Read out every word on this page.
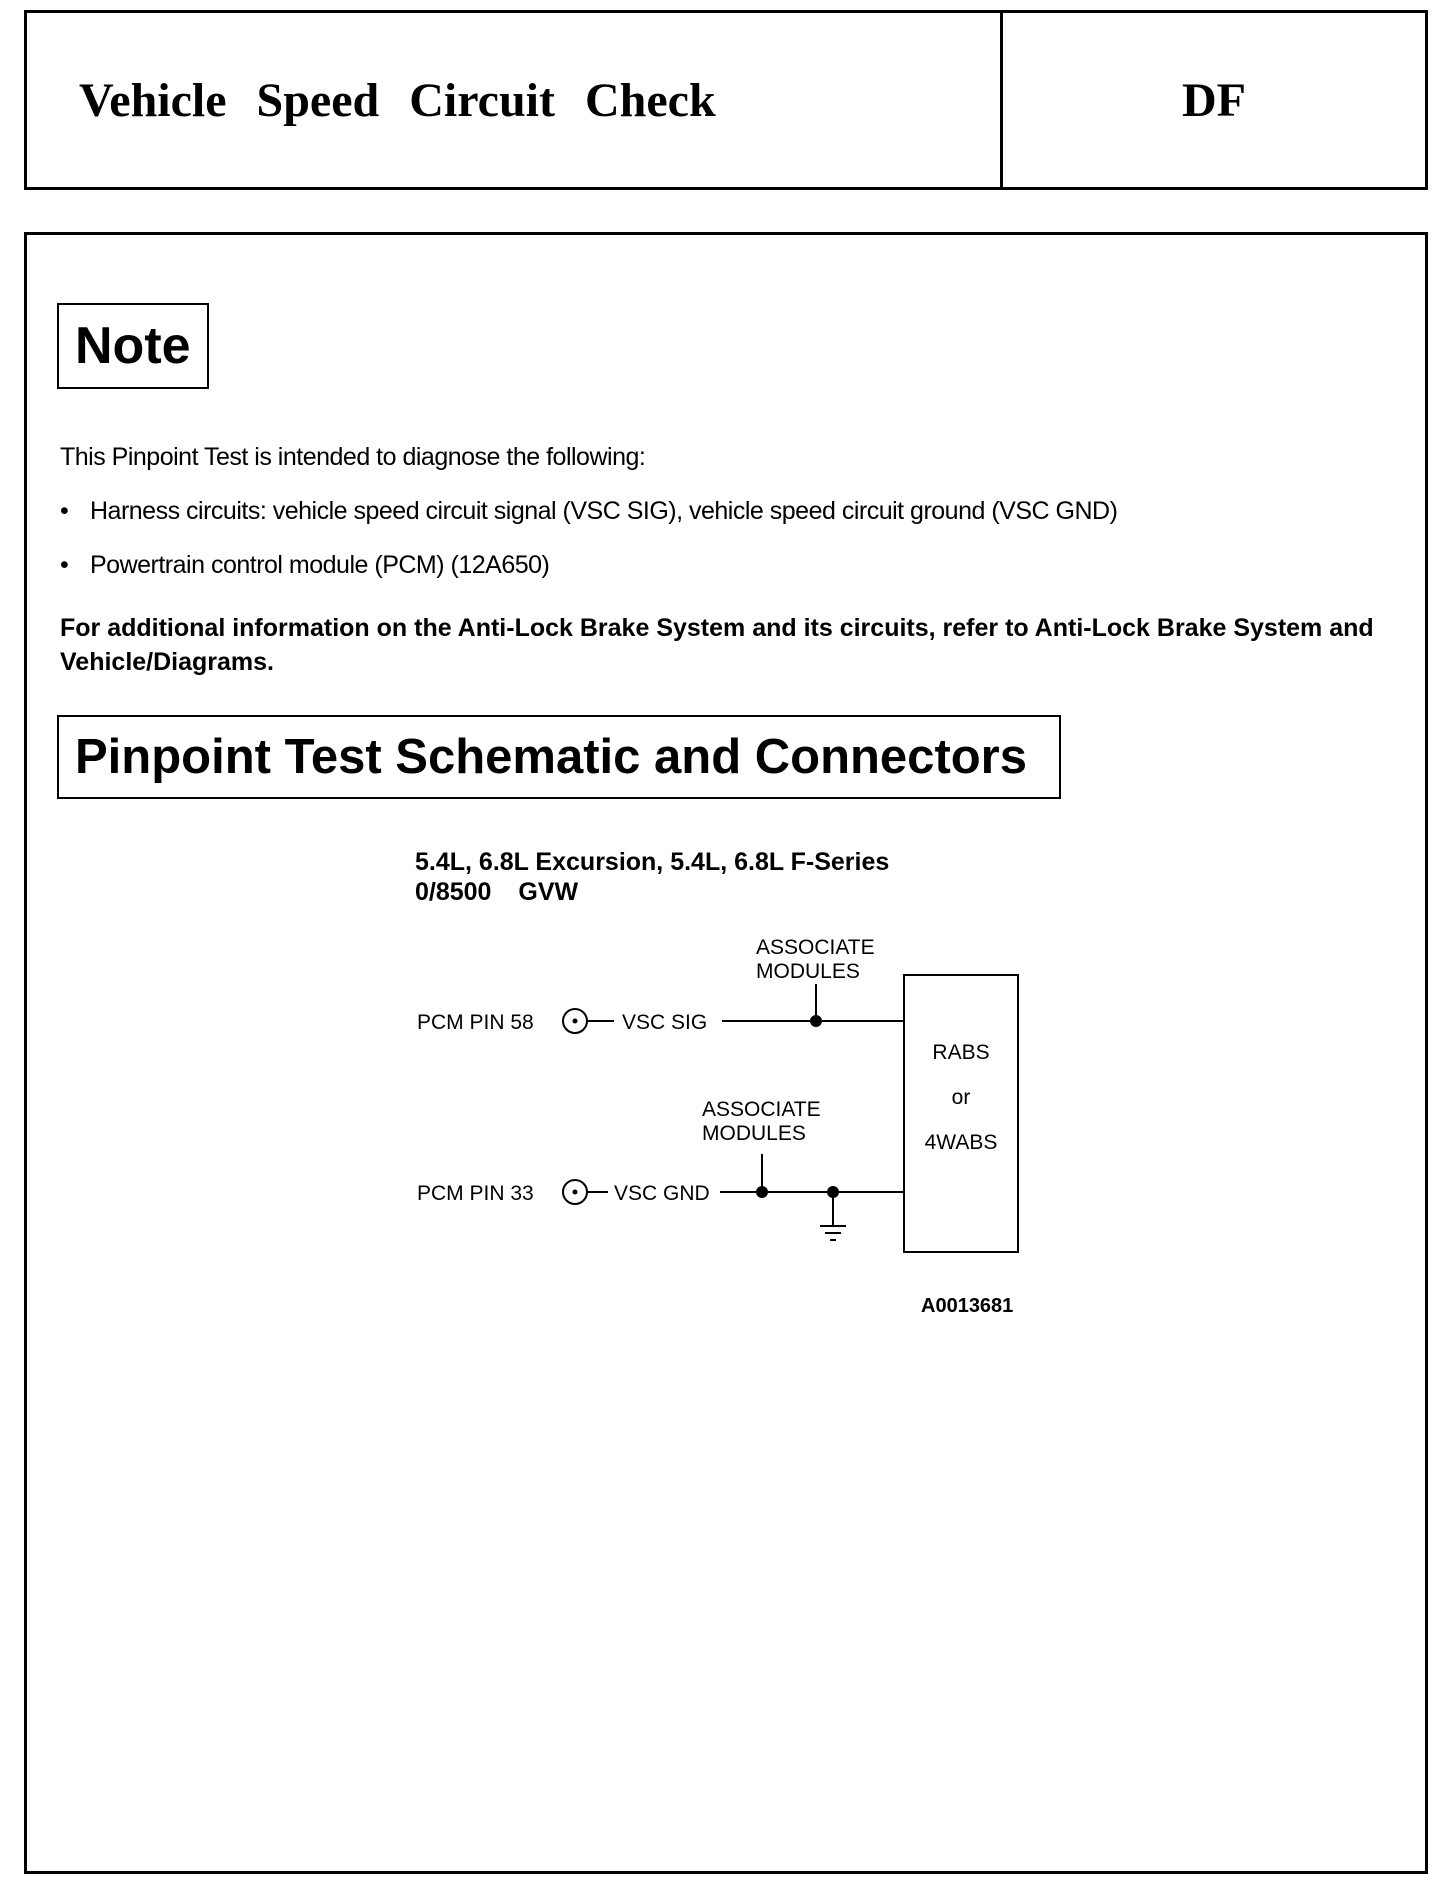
Vehicle Speed Circuit Check	DF
Note
This Pinpoint Test is intended to diagnose the following:
• Harness circuits: vehicle speed circuit signal (VSC SIG), vehicle speed circuit ground (VSC GND)
• Powertrain control module (PCM) (12A650)
For additional information on the Anti-Lock Brake System and its circuits, refer to Anti-Lock Brake System and Vehicle/Diagrams.
Pinpoint Test Schematic and Connectors
5.4L, 6.8L Excursion, 5.4L, 6.8L F-Series
0/8500 GVW
A0013681
PCM PIN 58	VSC SIG
PCM PIN 33	VSC GND
ASSOCIATE
MODULES
ASSOCIATE
MODULES
RABS
or
4WABS
